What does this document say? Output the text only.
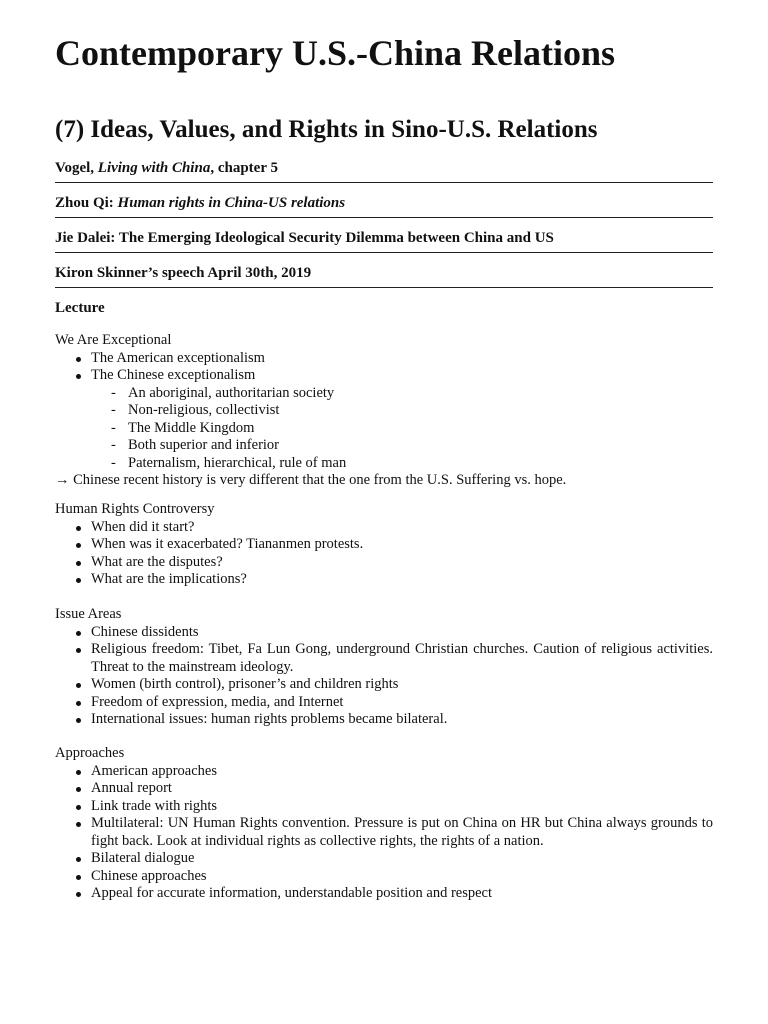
Contemporary U.S.-China Relations
(7) Ideas, Values, and Rights in Sino-U.S. Relations
Vogel, Living with China, chapter 5
Zhou Qi: Human rights in China-US relations
Jie Dalei: The Emerging Ideological Security Dilemma between China and US
Kiron Skinner’s speech April 30th, 2019
Lecture

We Are Exceptional

The American exceptionalism
The Chinese exceptionalism
- An aboriginal, authoritarian society
- Non-religious, collectivist
- The Middle Kingdom
- Both superior and inferior
- Paternalism, hierarchical, rule of man

→ Chinese recent history is very different that the one from the U.S. Suffering vs. hope.

Human Rights Controversy

When did it start?
When was it exacerbated? Tiananmen protests.
What are the disputes?
What are the implications?

Issue Areas

Chinese dissidents
Religious freedom: Tibet, Fa Lun Gong, underground Christian churches. Caution of religious activities. Threat to the mainstream ideology.
Women (birth control), prisoner’s and children rights
Freedom of expression, media, and Internet
International issues: human rights problems became bilateral.

Approaches

American approaches
Annual report
Link trade with rights
Multilateral: UN Human Rights convention. Pressure is put on China on HR but China always grounds to fight back. Look at individual rights as collective rights, the rights of a nation.
Bilateral dialogue
Chinese approaches
Appeal for accurate information, understandable position and respect
